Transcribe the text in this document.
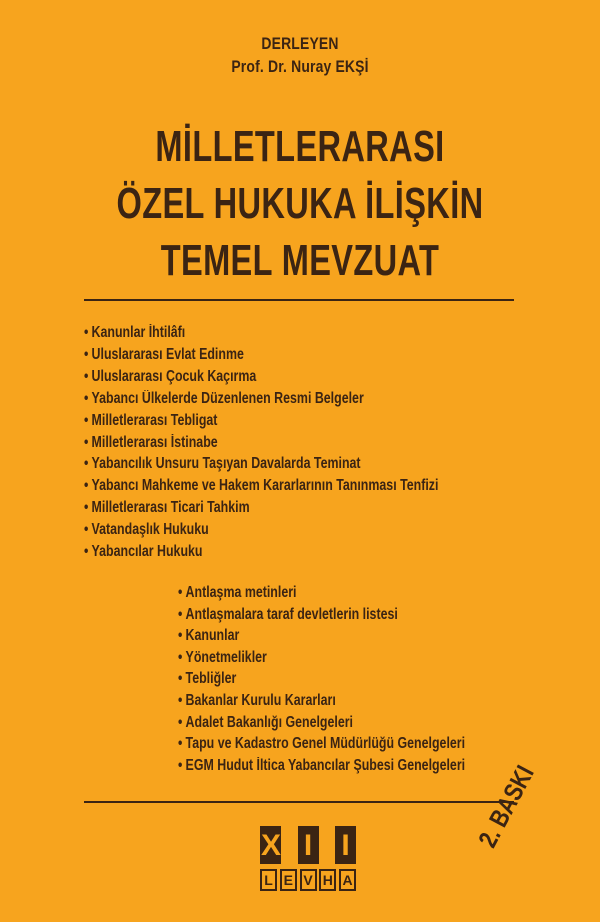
DERLEYEN
Prof. Dr. Nuray EKŞİ
MİLLETLERARASI
ÖZEL HUKUKA İLİŞKİN
TEMEL MEVZUAT
• Kanunlar İhtilâfı
• Uluslararası Evlat Edinme
• Uluslararası Çocuk Kaçırma
• Yabancı Ülkelerde Düzenlenen Resmi Belgeler
• Milletlerarası Tebligat
• Milletlerarası İstinabe
• Yabancılık Unsuru Taşıyan Davalarda Teminat
• Yabancı Mahkeme ve Hakem Kararlarının Tanınması Tenfizi
• Milletlerarası Ticari Tahkim
• Vatandaşlık Hukuku
• Yabancılar Hukuku
• Antlaşma metinleri
• Antlaşmalara taraf devletlerin listesi
• Kanunlar
• Yönetmelikler
• Tebliğler
• Bakanlar Kurulu Kararları
• Adalet Bakanlığı Genelgeleri
• Tapu ve Kadastro Genel Müdürlüğü Genelgeleri
• EGM Hudut İltica Yabancılar Şubesi Genelgeleri
X I I
L E V H A
2. BASKI
